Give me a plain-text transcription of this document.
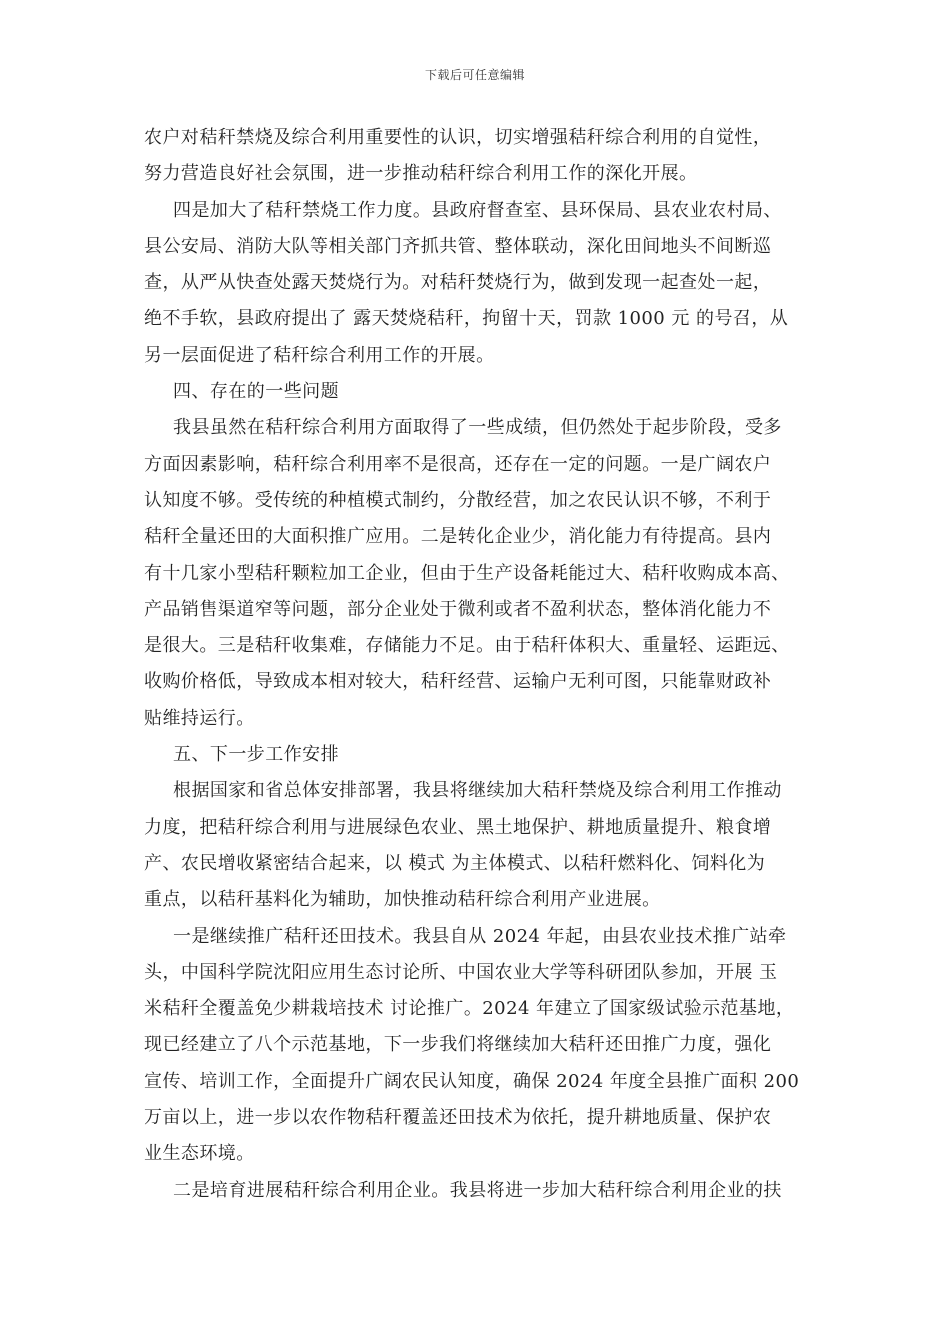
下载后可任意编辑
农户对秸秆禁烧及综合利用重要性的认识，切实增强秸秆综合利用的自觉性，
努力营造良好社会氛围，进一步推动秸秆综合利用工作的深化开展。
四是加大了秸秆禁烧工作力度。县政府督查室、县环保局、县农业农村局、
县公安局、消防大队等相关部门齐抓共管、整体联动，深化田间地头不间断巡
查，从严从快查处露天焚烧行为。对秸秆焚烧行为，做到发现一起查处一起，
绝不手软，县政府提出了 露天焚烧秸秆，拘留十天，罚款 1000 元 的号召，从
另一层面促进了秸秆综合利用工作的开展。
四、存在的一些问题
我县虽然在秸秆综合利用方面取得了一些成绩，但仍然处于起步阶段，受多
方面因素影响，秸秆综合利用率不是很高，还存在一定的问题。一是广阔农户
认知度不够。受传统的种植模式制约，分散经营，加之农民认识不够，不利于
秸秆全量还田的大面积推广应用。二是转化企业少，消化能力有待提高。县内
有十几家小型秸秆颗粒加工企业，但由于生产设备耗能过大、秸秆收购成本高、
产品销售渠道窄等问题，部分企业处于微利或者不盈利状态，整体消化能力不
是很大。三是秸秆收集难，存储能力不足。由于秸秆体积大、重量轻、运距远、
收购价格低，导致成本相对较大，秸秆经营、运输户无利可图，只能靠财政补
贴维持运行。
五、下一步工作安排
根据国家和省总体安排部署，我县将继续加大秸秆禁烧及综合利用工作推动
力度，把秸秆综合利用与进展绿色农业、黑土地保护、耕地质量提升、粮食增
产、农民增收紧密结合起来，以 模式 为主体模式、以秸秆燃料化、饲料化为
重点，以秸秆基料化为辅助，加快推动秸秆综合利用产业进展。
一是继续推广秸秆还田技术。我县自从 2024 年起，由县农业技术推广站牵
头，中国科学院沈阳应用生态讨论所、中国农业大学等科研团队参加，开展 玉
米秸秆全覆盖免少耕栽培技术 讨论推广。2024 年建立了国家级试验示范基地，
现已经建立了八个示范基地，下一步我们将继续加大秸秆还田推广力度，强化
宣传、培训工作，全面提升广阔农民认知度，确保 2024 年度全县推广面积 200
万亩以上，进一步以农作物秸秆覆盖还田技术为依托，提升耕地质量、保护农
业生态环境。
二是培育进展秸秆综合利用企业。我县将进一步加大秸秆综合利用企业的扶
